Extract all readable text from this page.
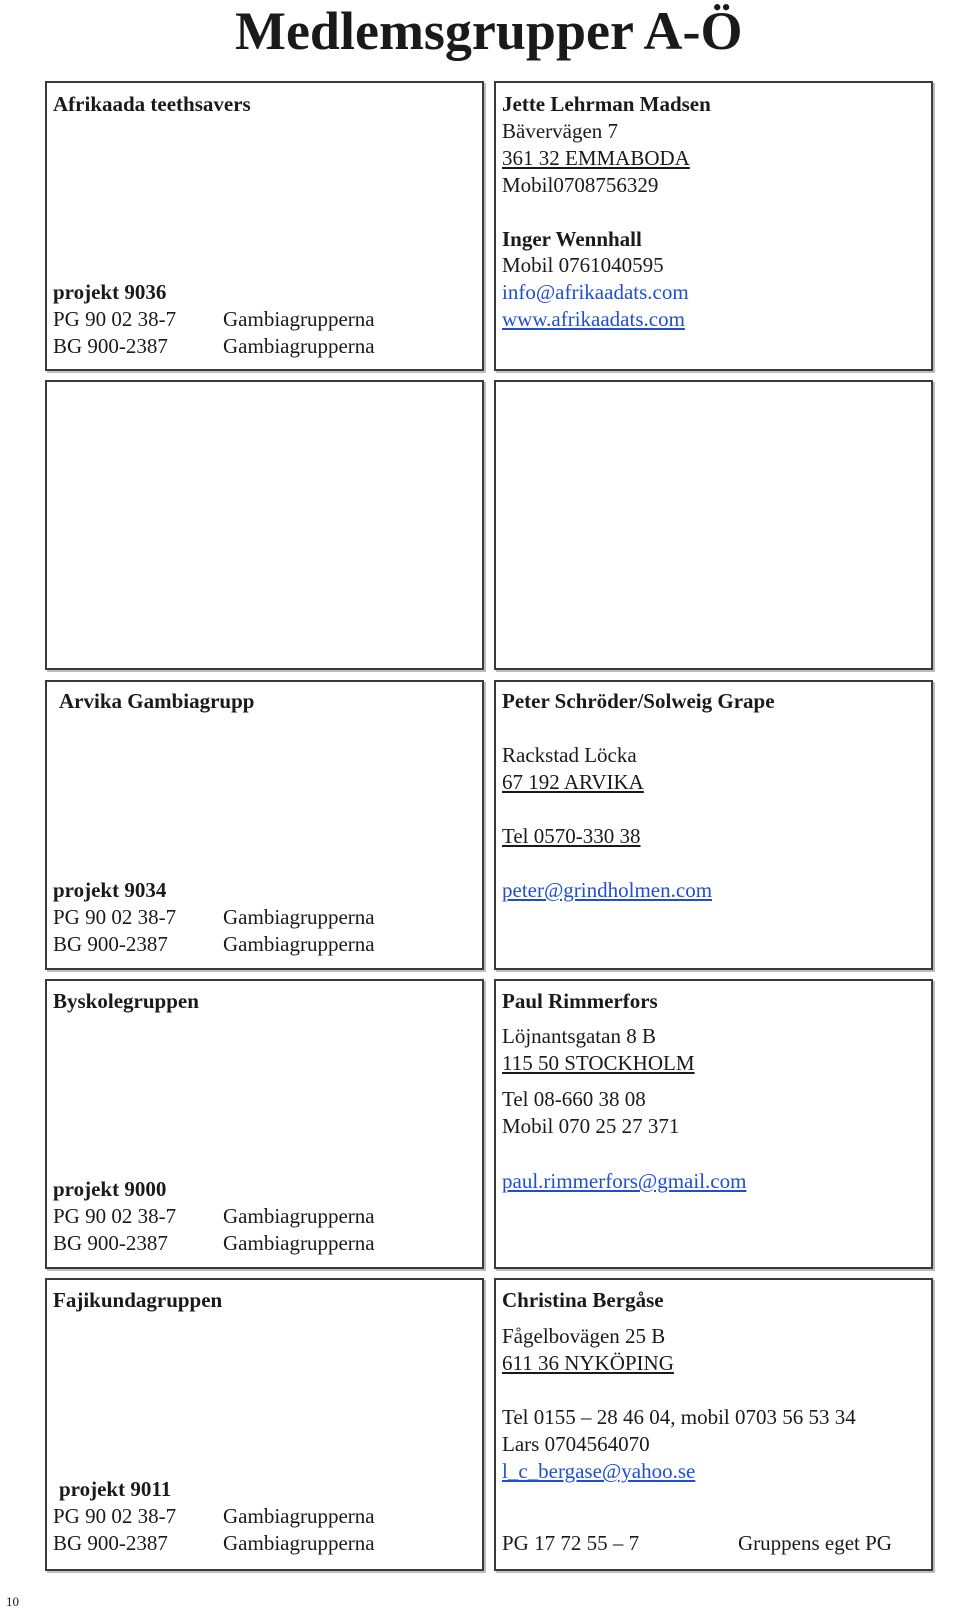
Medlemsgrupper A-Ö
Afrikaada teethsavers
projekt 9036
PG 90 02 38-7 Gambiagrupperna
BG 900-2387	Gambiagrupperna
Jette Lehrman Madsen
Bävervägen 7
361 32 EMMABODA
Mobil0708756329
Inger Wennhall
Mobil 0761040595
info@afrikaadats.com
www.afrikaadats.com
Arvika Gambiagrupp
projekt 9034
PG 90 02 38-7 Gambiagrupperna
BG 900-2387	Gambiagrupperna
Peter Schröder/Solweig Grape
Rackstad Löcka
67 192 ARVIKA
Tel 0570-330 38
peter@grindholmen.com
Byskolegruppen
projekt 9000
PG 90 02 38-7 Gambiagrupperna
BG 900-2387	Gambiagrupperna
Paul Rimmerfors
Löjnantsgatan 8 B
115 50 STOCKHOLM
Tel 08-660 38 08
Mobil 070 25 27 371
paul.rimmerfors@gmail.com
Fajikundagruppen
projekt 9011
PG 90 02 38-7 Gambiagrupperna
BG 900-2387	Gambiagrupperna
Christina Bergåse
Fågelbovägen 25 B
611 36 NYKÖPING
Tel 0155 – 28 46 04, mobil 0703 56 53 34
Lars 0704564070
l_c_bergase@yahoo.se
PG 17 72 55 – 7	Gruppens eget PG
10
